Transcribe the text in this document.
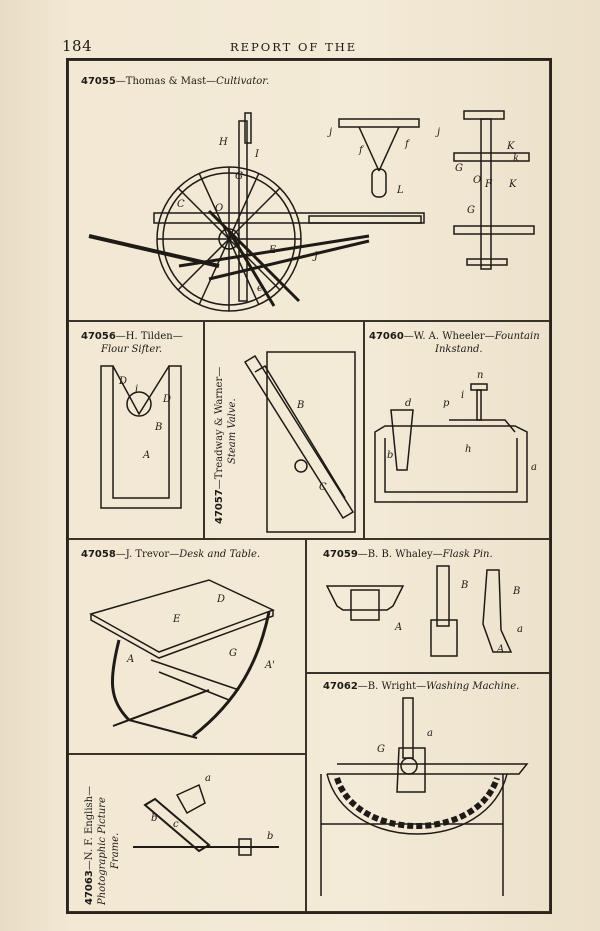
184	REPORT OF THE
47055—Thomas & Mast—Cultivator.
H
I
G
O
C
E
J
e
j	j
f
f
L
K
G
O F K
G
k
47056—H. Tilden—
Flour Sifter.
D
i
D
B
A
47057—Treadway & Warner— Steam Valve.	B
C
47060—W. A. Wheeler—Fountain
Inkstand.
n
p
i
d
b
h
a
47058—J. Trevor—Desk and Table.
D
E
A
G
A'
47059—B. B. Whaley—Flask Pin.
B
A
B
a
A
47062—B. Wright—Washing Machine.
G
a
47063—N. F. English— Photographic Picture Frame.
a
c
b
b
